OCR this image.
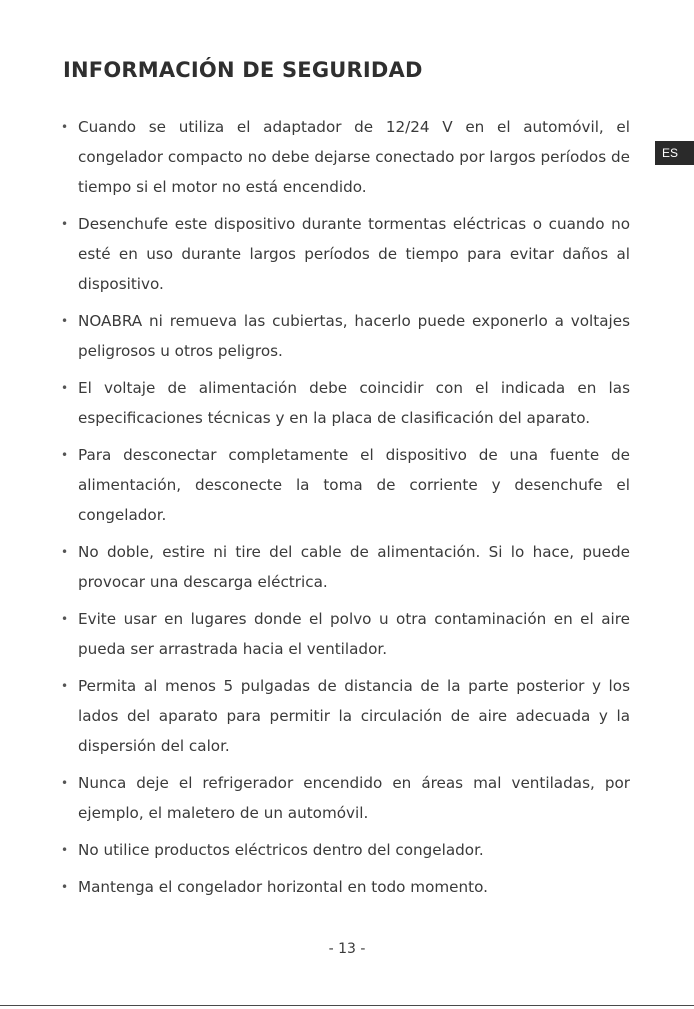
INFORMACIÓN DE SEGURIDAD
ES
• Cuando se utiliza el adaptador de 12/24 V en el automóvil, el congelador compacto no debe dejarse conectado por largos períodos de tiempo si el motor no está encendido.
• Desenchufe este dispositivo durante tormentas eléctricas o cuando no esté en uso durante largos períodos de tiempo para evitar daños al dispositivo.
• NOABRA ni remueva las cubiertas, hacerlo puede exponerlo a voltajes peligrosos u otros peligros.
• El voltaje de alimentación debe coincidir con el indicada en las especificaciones técnicas y en la placa de clasificación del aparato.
• Para desconectar completamente el dispositivo de una fuente de alimentación, desconecte la toma de corriente y desenchufe el congelador.
• No doble, estire ni tire del cable de alimentación. Si lo hace, puede provocar una descarga eléctrica.
• Evite usar en lugares donde el polvo u otra contaminación en el aire pueda ser arrastrada hacia el ventilador.
• Permita al menos 5 pulgadas de distancia de la parte posterior y los lados del aparato para permitir la circulación de aire adecuada y la dispersión del calor.
• Nunca deje el refrigerador encendido en áreas mal ventiladas, por ejemplo, el maletero de un automóvil.
• No utilice productos eléctricos dentro del congelador.
• Mantenga el congelador horizontal en todo momento.
- 13 -
